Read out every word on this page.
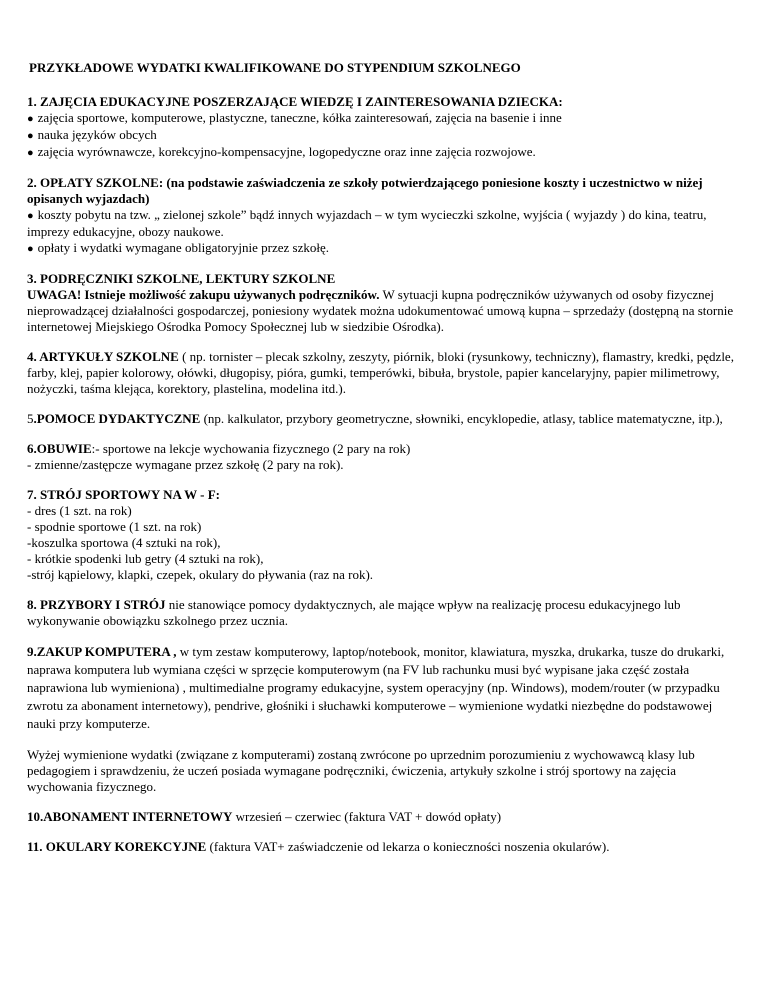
PRZYKŁADOWE WYDATKI KWALIFIKOWANE DO STYPENDIUM SZKOLNEGO

1. ZAJĘCIA EDUKACYJNE POSZERZAJĄCE WIEDZĘ I ZAINTERESOWANIA DZIECKA:

● zajęcia sportowe, komputerowe, plastyczne, taneczne, kółka zainteresowań, zajęcia na basenie i inne

● nauka języków obcych

● zajęcia wyrównawcze, korekcyjno-kompensacyjne, logopedyczne oraz inne zajęcia rozwojowe.

2. OPŁATY SZKOLNE: (na podstawie zaświadczenia ze szkoły potwierdzającego poniesione koszty i uczestnictwo w niżej opisanych wyjazdach)

● koszty pobytu na tzw. „ zielonej szkole” bądź innych wyjazdach – w tym wycieczki szkolne, wyjścia ( wyjazdy ) do kina, teatru, imprezy edukacyjne, obozy naukowe.

● opłaty i wydatki wymagane obligatoryjnie przez szkołę.

3. PODRĘCZNIKI SZKOLNE, LEKTURY SZKOLNE

UWAGA! Istnieje możliwość zakupu używanych podręczników. W sytuacji kupna podręczników używanych od osoby fizycznej nieprowadzącej działalności gospodarczej, poniesiony wydatek można udokumentować umową kupna – sprzedaży (dostępną na stornie internetowej Miejskiego Ośrodka Pomocy Społecznej lub w siedzibie Ośrodka).

4. ARTYKUŁY SZKOLNE ( np. tornister – plecak szkolny, zeszyty, piórnik, bloki (rysunkowy, techniczny), flamastry, kredki, pędzle, farby, klej, papier kolorowy, ołówki, długopisy, pióra, gumki, temperówki, bibuła, brystole, papier kancelaryjny, papier milimetrowy, nożyczki, taśma klejąca, korektory, plastelina, modelina itd.).

5.POMOCE DYDAKTYCZNE (np. kalkulator, przybory geometryczne, słowniki, encyklopedie, atlasy, tablice matematyczne, itp.),

6.OBUWIE:- sportowe na lekcje wychowania fizycznego (2 pary na rok)

- zmienne/zastępcze wymagane przez szkołę (2 pary na rok).

7. STRÓJ SPORTOWY NA W - F:

- dres (1 szt. na rok)

- spodnie sportowe (1 szt. na rok)

-koszulka sportowa (4 sztuki na rok),

- krótkie spodenki lub getry (4 sztuki na rok),

-strój kąpielowy, klapki, czepek, okulary do pływania (raz na rok).

8. PRZYBORY I STRÓJ nie stanowiące pomocy dydaktycznych, ale mające wpływ na realizację procesu edukacyjnego lub wykonywanie obowiązku szkolnego przez ucznia.

9.ZAKUP KOMPUTERA , w tym zestaw komputerowy, laptop/notebook, monitor, klawiatura, myszka, drukarka, tusze do drukarki, naprawa komputera lub wymiana części w sprzęcie komputerowym (na FV lub rachunku musi być wypisane jaka część została naprawiona lub wymieniona) , multimedialne programy edukacyjne, system operacyjny (np. Windows), modem/router (w przypadku zwrotu za abonament internetowy), pendrive, głośniki i słuchawki komputerowe – wymienione wydatki niezbędne do podstawowej nauki przy komputerze.

Wyżej wymienione wydatki (związane z komputerami) zostaną zwrócone po uprzednim porozumieniu z wychowawcą klasy lub pedagogiem i sprawdzeniu, że uczeń posiada wymagane podręczniki, ćwiczenia, artykuły szkolne i strój sportowy na zajęcia wychowania fizycznego.

10.ABONAMENT INTERNETOWY wrzesień – czerwiec (faktura VAT + dowód opłaty)

11. OKULARY KOREKCYJNE (faktura VAT+ zaświadczenie od lekarza o konieczności noszenia okularów).
